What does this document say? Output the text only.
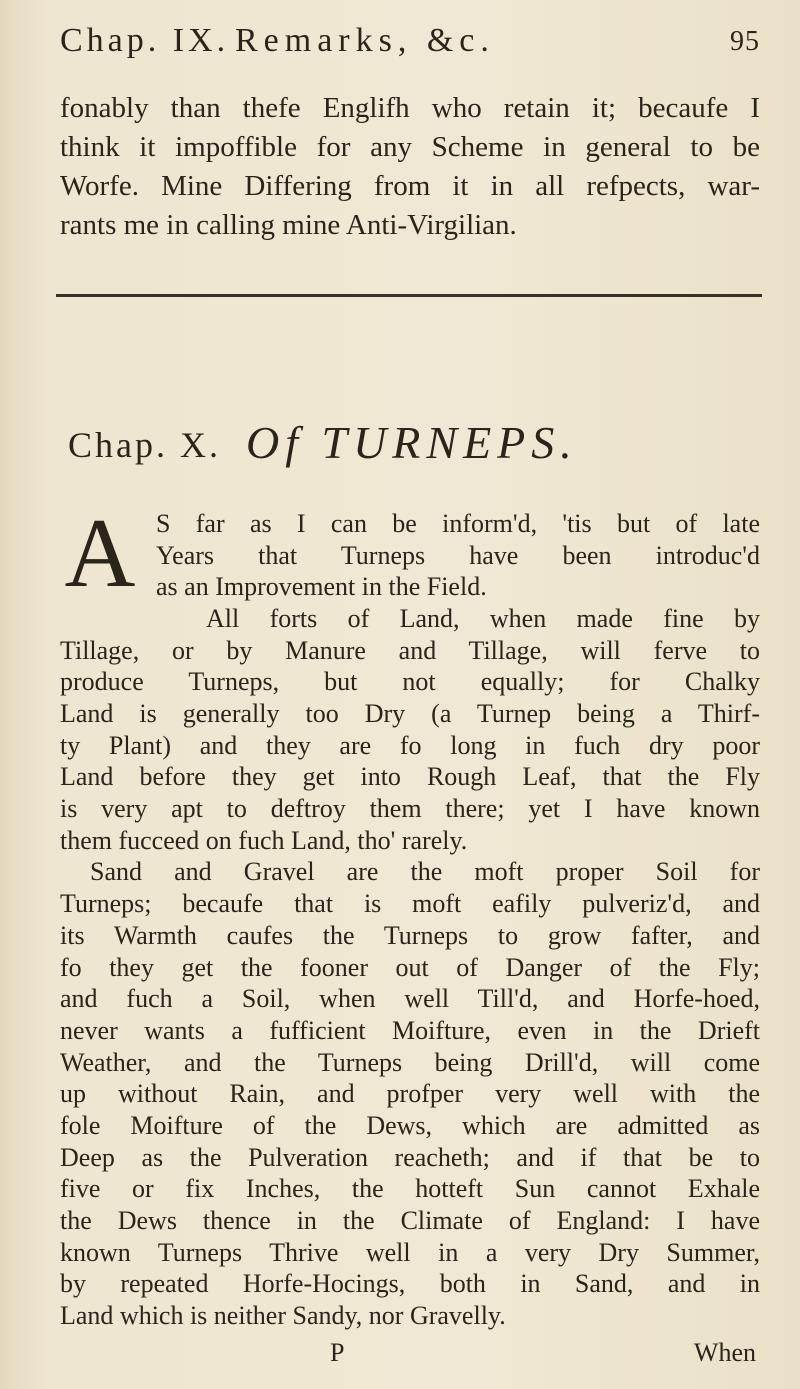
Chap. IX. Remarks, &c.	95
fonably than thefe Englifh who retain it; becaufe I
think it impoffible for any Scheme in general to be
Worfe. Mine Differing from it in all refpects, war-
rants me in calling mine Anti-Virgilian.
Chap. X. Of TURNEPS.
A S far as I can be inform'd, 'tis but of late
Years that Turneps have been introduc'd
as an Improvement in the Field.
All forts of Land, when made fine by
Tillage, or by Manure and Tillage, will ferve to
produce Turneps, but not equally; for Chalky
Land is generally too Dry (a Turnep being a Thirf-
ty Plant) and they are fo long in fuch dry poor
Land before they get into Rough Leaf, that the Fly
is very apt to deftroy them there; yet I have known
them fucceed on fuch Land, tho' rarely.
Sand and Gravel are the moft proper Soil for
Turneps; becaufe that is moft eafily pulveriz'd, and
its Warmth caufes the Turneps to grow fafter, and
fo they get the fooner out of Danger of the Fly;
and fuch a Soil, when well Till'd, and Horfe-hoed,
never wants a fufficient Moifture, even in the Drieft
Weather, and the Turneps being Drill'd, will come
up without Rain, and profper very well with the
fole Moifture of the Dews, which are admitted as
Deep as the Pulveration reacheth; and if that be to
five or fix Inches, the hotteft Sun cannot Exhale
the Dews thence in the Climate of England: I have
known Turneps Thrive well in a very Dry Summer,
P	When
by repeated Horfe-Hocings, both in Sand, and in
Land which is neither Sandy, nor Gravelly.
